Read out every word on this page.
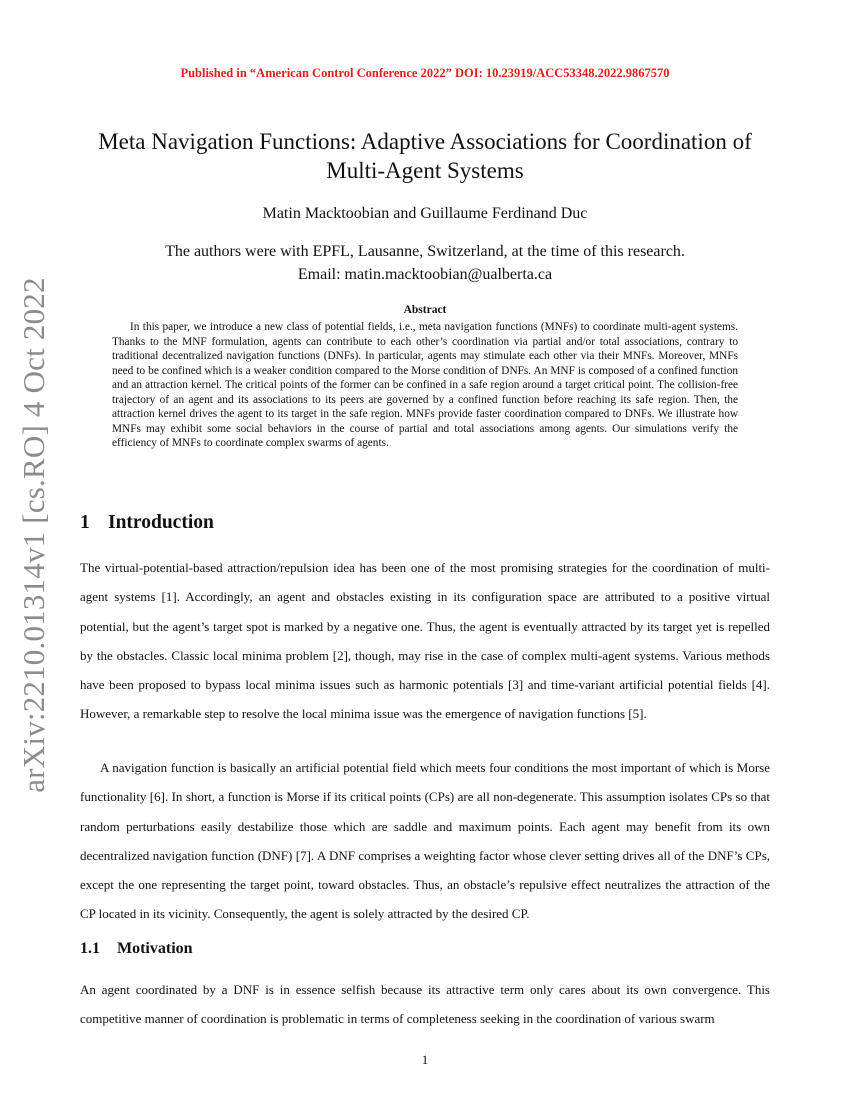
Published in “American Control Conference 2022” DOI: 10.23919/ACC53348.2022.9867570
arXiv:2210.01314v1 [cs.RO] 4 Oct 2022
Meta Navigation Functions: Adaptive Associations for Coordination of Multi-Agent Systems
Matin Macktoobian and Guillaume Ferdinand Duc
The authors were with EPFL, Lausanne, Switzerland, at the time of this research.
Email: matin.macktoobian@ualberta.ca
Abstract
In this paper, we introduce a new class of potential fields, i.e., meta navigation functions (MNFs) to coordinate multi-agent systems. Thanks to the MNF formulation, agents can contribute to each other’s coordination via partial and/or total associations, contrary to traditional decentralized navigation functions (DNFs). In particular, agents may stimulate each other via their MNFs. Moreover, MNFs need to be confined which is a weaker condition compared to the Morse condition of DNFs. An MNF is composed of a confined function and an attraction kernel. The critical points of the former can be confined in a safe region around a target critical point. The collision-free trajectory of an agent and its associations to its peers are governed by a confined function before reaching its safe region. Then, the attraction kernel drives the agent to its target in the safe region. MNFs provide faster coordination compared to DNFs. We illustrate how MNFs may exhibit some social behaviors in the course of partial and total associations among agents. Our simulations verify the efficiency of MNFs to coordinate complex swarms of agents.
1 Introduction
The virtual-potential-based attraction/repulsion idea has been one of the most promising strategies for the coordination of multi-agent systems [1]. Accordingly, an agent and obstacles existing in its configuration space are attributed to a positive virtual potential, but the agent’s target spot is marked by a negative one. Thus, the agent is eventually attracted by its target yet is repelled by the obstacles. Classic local minima problem [2], though, may rise in the case of complex multi-agent systems. Various methods have been proposed to bypass local minima issues such as harmonic potentials [3] and time-variant artificial potential fields [4]. However, a remarkable step to resolve the local minima issue was the emergence of navigation functions [5].
A navigation function is basically an artificial potential field which meets four conditions the most important of which is Morse functionality [6]. In short, a function is Morse if its critical points (CPs) are all non-degenerate. This assumption isolates CPs so that random perturbations easily destabilize those which are saddle and maximum points. Each agent may benefit from its own decentralized navigation function (DNF) [7]. A DNF comprises a weighting factor whose clever setting drives all of the DNF’s CPs, except the one representing the target point, toward obstacles. Thus, an obstacle’s repulsive effect neutralizes the attraction of the CP located in its vicinity. Consequently, the agent is solely attracted by the desired CP.
1.1 Motivation
An agent coordinated by a DNF is in essence selfish because its attractive term only cares about its own convergence. This competitive manner of coordination is problematic in terms of completeness seeking in the coordination of various swarm
1
